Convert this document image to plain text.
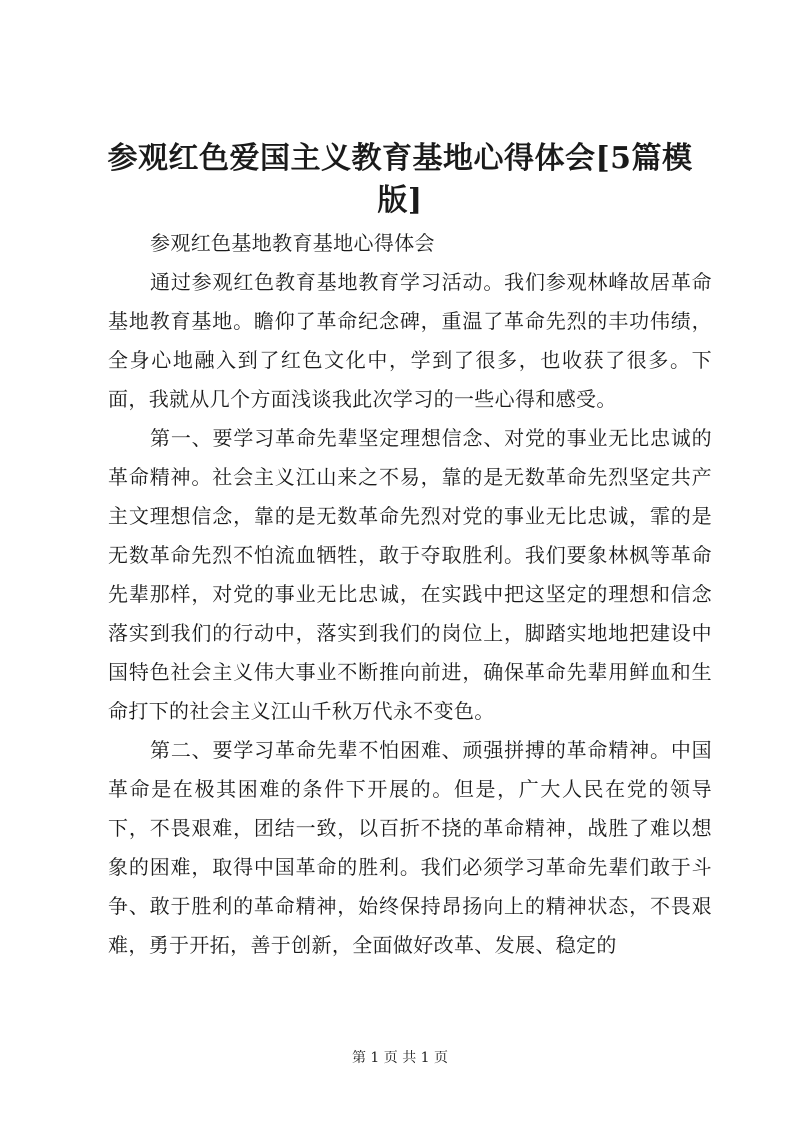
参观红色爱国主义教育基地心得体会[5篇模版]

参观红色基地教育基地心得体会

通过参观红色教育基地教育学习活动。我们参观林峰故居革命基地教育基地。瞻仰了革命纪念碑，重温了革命先烈的丰功伟绩，全身心地融入到了红色文化中，学到了很多，也收获了很多。下面，我就从几个方面浅谈我此次学习的一些心得和感受。

第一、要学习革命先辈坚定理想信念、对党的事业无比忠诚的革命精神。社会主义江山来之不易，靠的是无数革命先烈坚定共产主文理想信念，靠的是无数革命先烈对党的事业无比忠诚，霏的是无数革命先烈不怕流血牺牲，敢于夺取胜利。我们要象林枫等革命先辈那样，对党的事业无比忠诚，在实践中把这坚定的理想和信念落实到我们的行动中，落实到我们的岗位上，脚踏实地地把建设中国特色社会主义伟大事业不断推向前进，确保革命先辈用鲜血和生命打下的社会主义江山千秋万代永不变色。

第二、要学习革命先辈不怕困难、顽强拼搏的革命精神。中国革命是在极其困难的条件下开展的。但是，广大人民在党的领导下，不畏艰难，团结一致，以百折不挠的革命精神，战胜了难以想象的困难，取得中国革命的胜利。我们必须学习革命先辈们敢于斗争、敢于胜利的革命精神，始终保持昂扬向上的精神状态，不畏艰难，勇于开拓，善于创新，全面做好改革、发展、稳定的

第 1 页 共 1 页
